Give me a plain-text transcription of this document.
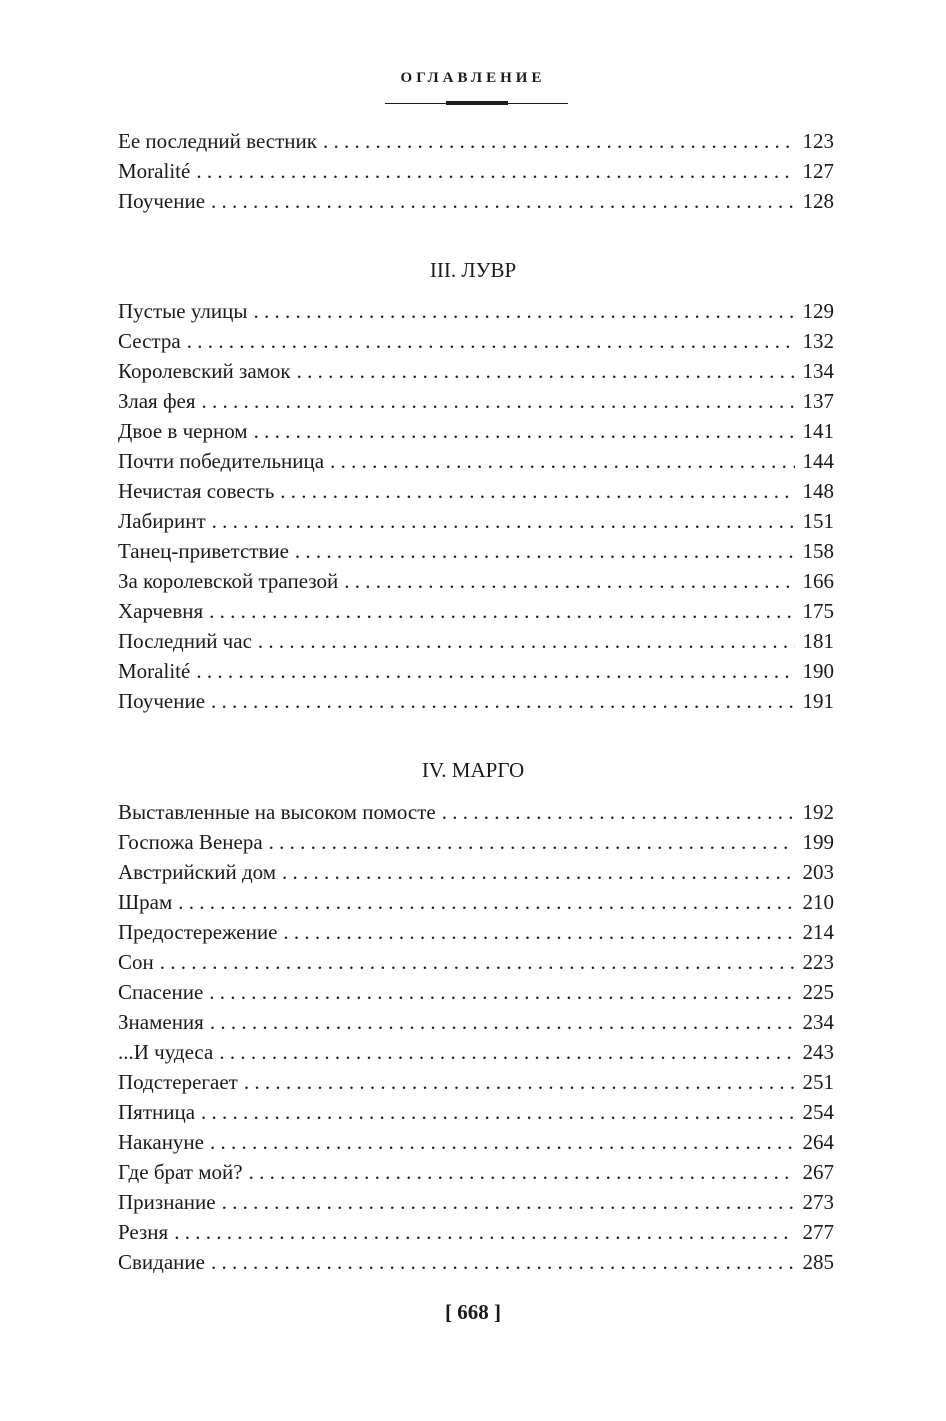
ОГЛАВЛЕНИЕ
Ее последний вестник . . .	123
Moralité . . .	127
Поучение . . .	128
III. ЛУВР
Пустые улицы . . .	129
Сестра . . .	132
Королевский замок . . .	134
Злая фея . . .	137
Двое в черном . . .	141
Почти победительница . . .	144
Нечистая совесть . . .	148
Лабиринт . . .	151
Танец-приветствие . . .	158
За королевской трапезой . . .	166
Харчевня . . .	175
Последний час . . .	181
Moralité . . .	190
Поучение . . .	191
IV. МАРГО
Выставленные на высоком помосте . . .	192
Госпожа Венера . . .	199
Австрийский дом . . .	203
Шрам . . .	210
Предостережение . . .	214
Сон . . .	223
Спасение . . .	225
Знамения . . .	234
...И чудеса . . .	243
Подстерегает . . .	251
Пятница . . .	254
Накануне . . .	264
Где брат мой? . . .	267
Признание . . .	273
Резня . . .	277
Свидание . . .	285
[ 668 ]
